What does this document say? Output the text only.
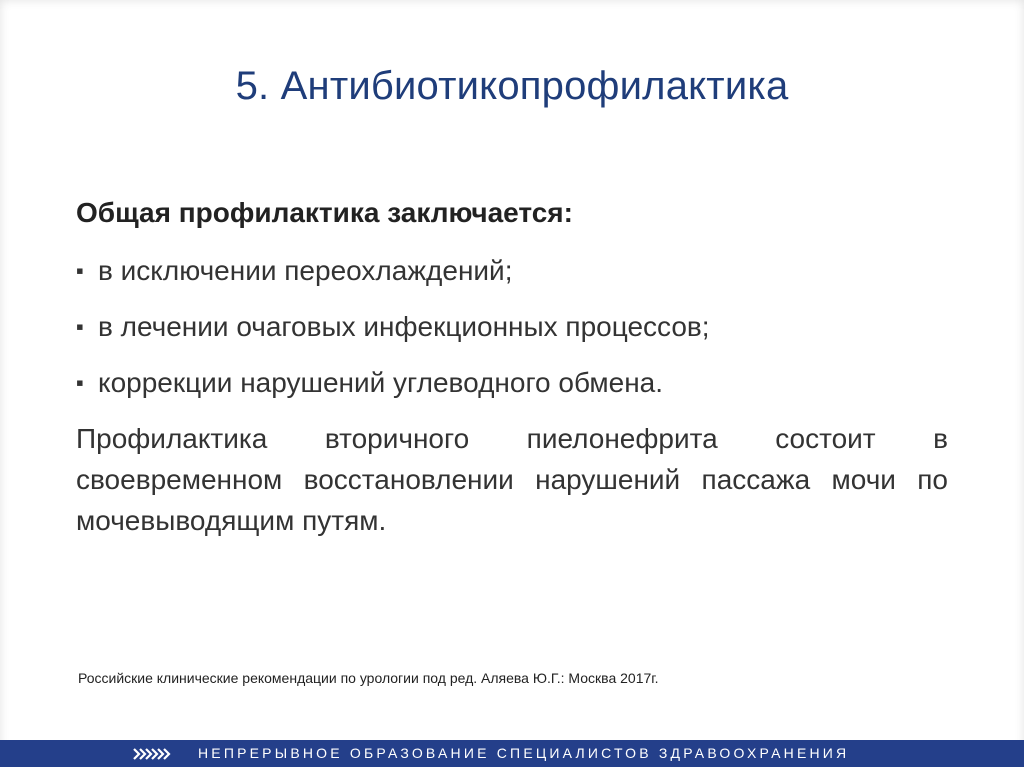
5. Антибиотикопрофилактика

Общая профилактика заключается:

▪ в исключении переохлаждений;

▪ в лечении очаговых инфекционных процессов;

▪ коррекции нарушений углеводного обмена.

Профилактика вторичного пиелонефрита состоит в своевременном восстановлении нарушений пассажа мочи по мочевыводящим путям.

Российские клинические рекомендации по урологии под ред. Аляева Ю.Г.: Москва 2017г.
НЕПРЕРЫВНОЕ ОБРАЗОВАНИЕ СПЕЦИАЛИСТОВ ЗДРАВООХРАНЕНИЯ
